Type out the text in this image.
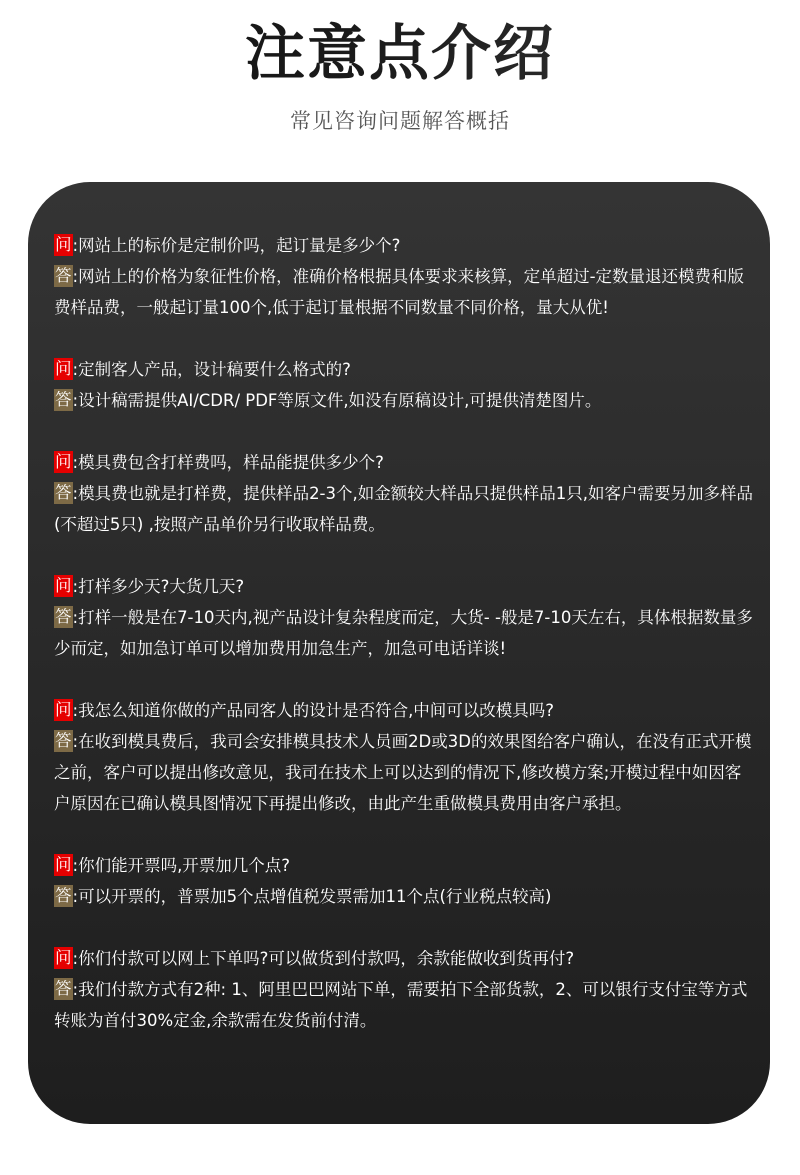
注意点介绍
常见咨询问题解答概括
问:网站上的标价是定制价吗，起订量是多少个?
答:网站上的价格为象征性价格，准确价格根据具体要求来核算，定单超过-定数量退还模费和版费样品费，一般起订量100个,低于起订量根据不同数量不同价格，量大从优!
问:定制客人产品，设计稿要什么格式的?
答:设计稿需提供AI/CDR/ PDF等原文件,如没有原稿设计,可提供清楚图片。
问:模具费包含打样费吗，样品能提供多少个?
答:模具费也就是打样费，提供样品2-3个,如金额较大样品只提供样品1只,如客户需要另加多样品(不超过5只) ,按照产品单价另行收取样品费。
问:打样多少天?大货几天?
答:打样一般是在7-10天内,视产品设计复杂程度而定，大货- -般是7-10天左右，具体根据数量多少而定，如加急订单可以增加费用加急生产，加急可电话详谈!
问:我怎么知道你做的产品同客人的设计是否符合,中间可以改模具吗?
答:在收到模具费后，我司会安排模具技术人员画2D或3D的效果图给客户确认，在没有正式开模之前，客户可以提出修改意见，我司在技术上可以达到的情况下,修改模方案;开模过程中如因客户原因在已确认模具图情况下再提出修改，由此产生重做模具费用由客户承担。
问:你们能开票吗,开票加几个点?
答:可以开票的，普票加5个点增值税发票需加11个点(行业税点较高)
问:你们付款可以网上下单吗?可以做货到付款吗，余款能做收到货再付?
答:我们付款方式有2种: 1、阿里巴巴网站下单，需要拍下全部货款，2、可以银行支付宝等方式转账为首付30%定金,余款需在发货前付清。
